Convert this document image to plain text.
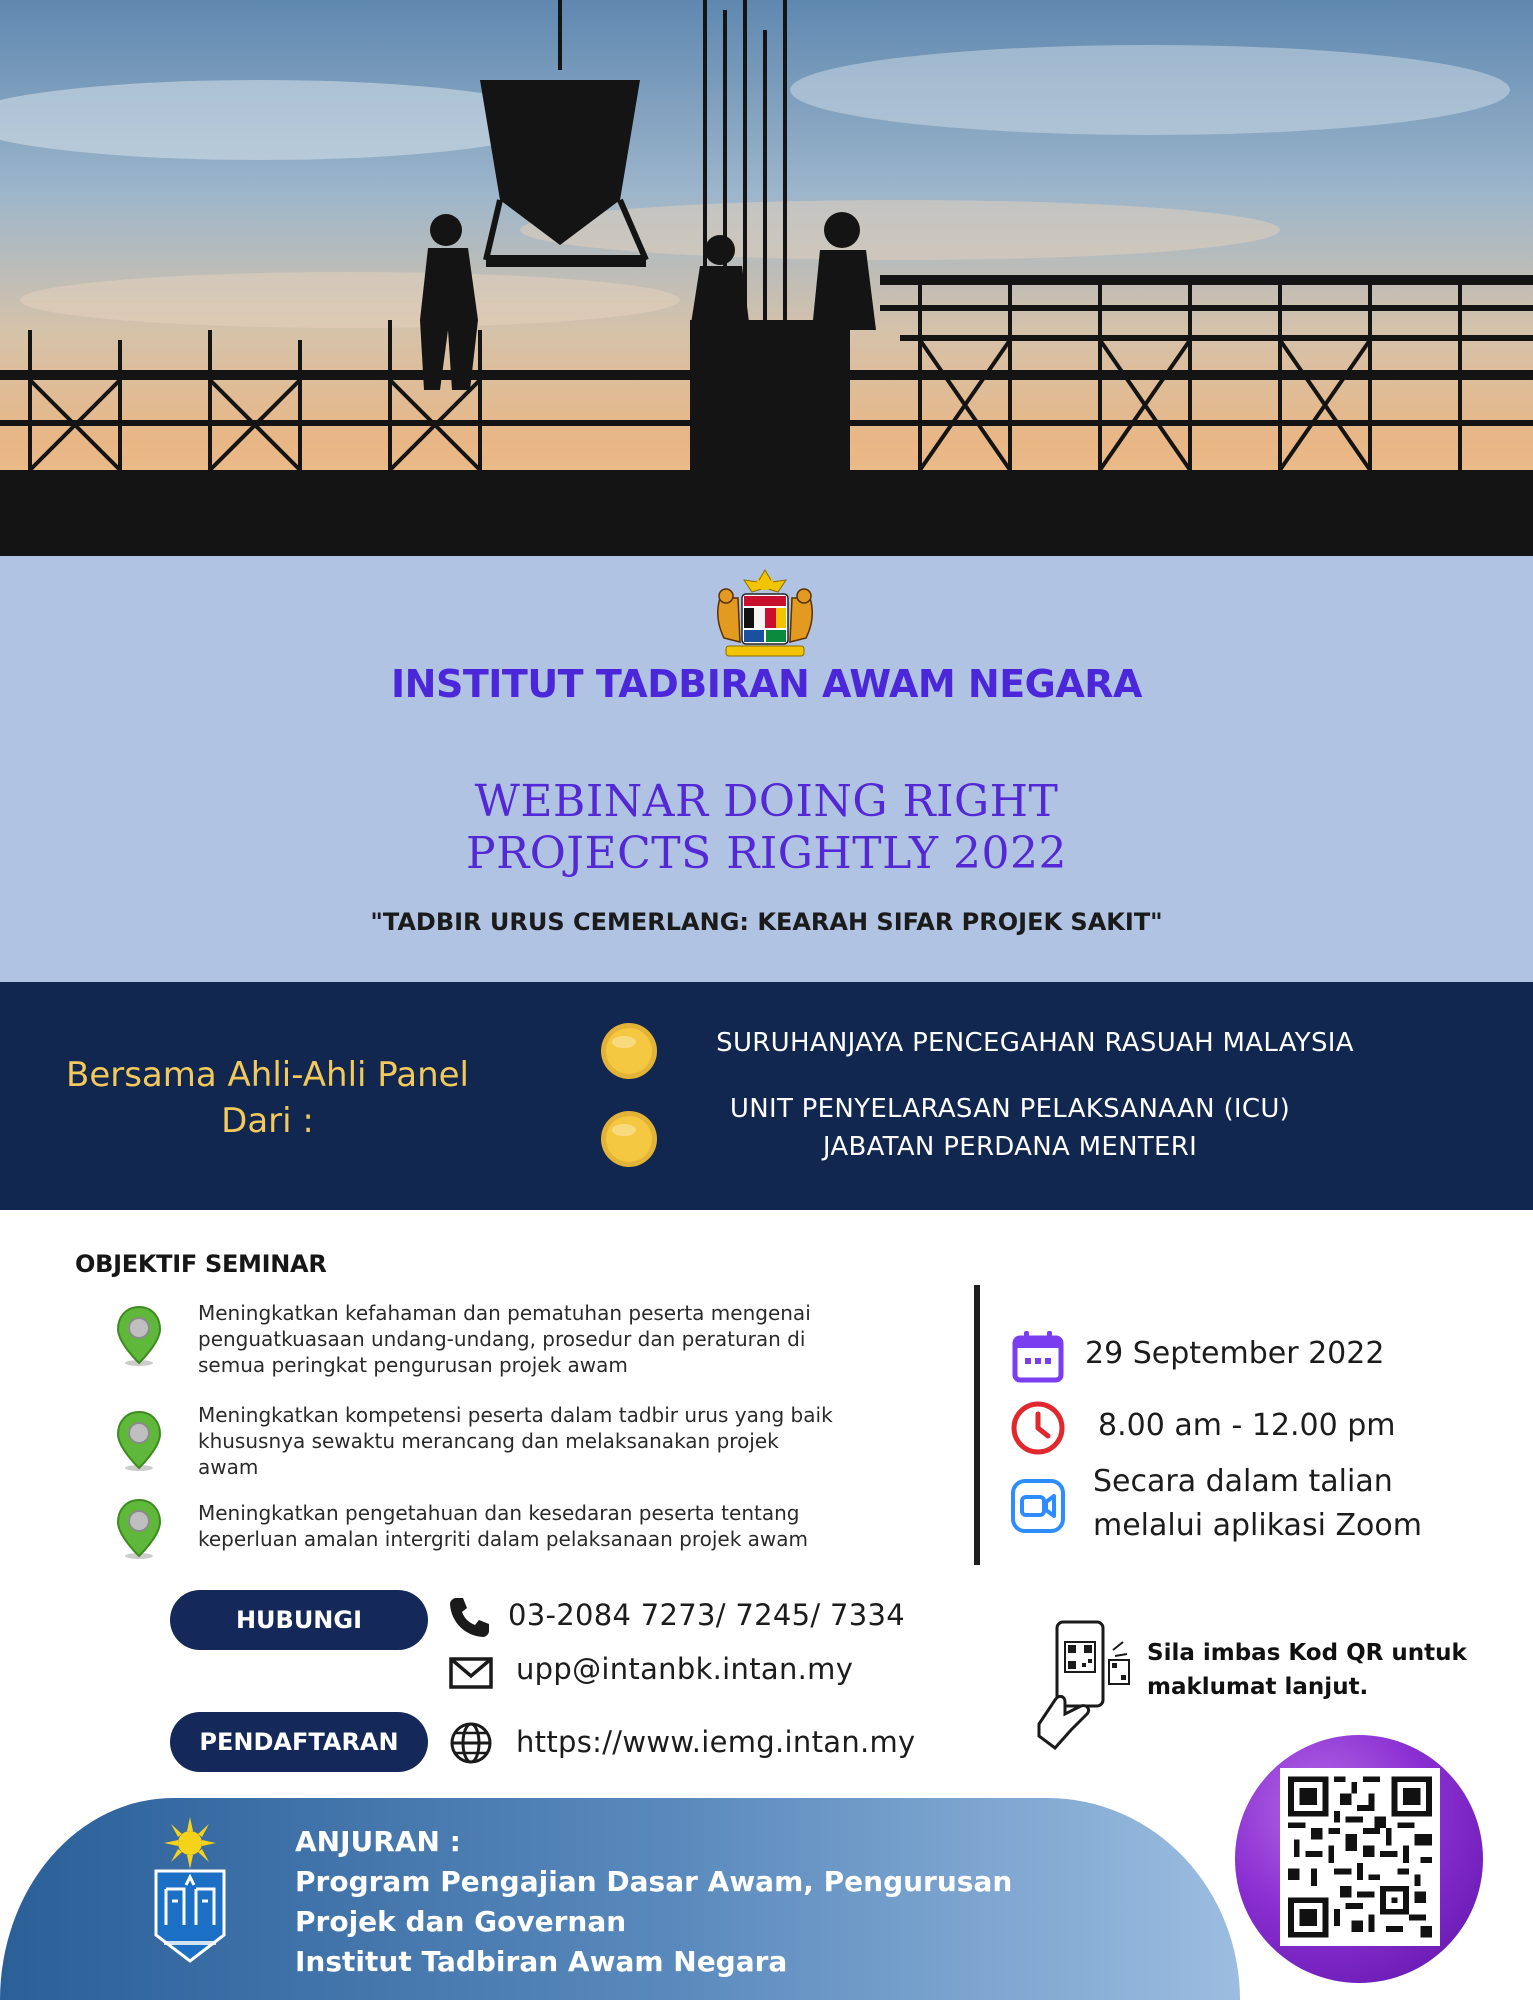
INSTITUT TADBIRAN AWAM NEGARA
WEBINAR DOING RIGHT
PROJECTS RIGHTLY 2022
"TADBIR URUS CEMERLANG: KEARAH SIFAR PROJEK SAKIT"
Bersama Ahli-Ahli Panel
Dari :
SURUHANJAYA PENCEGAHAN RASUAH MALAYSIA
UNIT PENYELARASAN PELAKSANAAN (ICU)
JABATAN PERDANA MENTERI
OBJEKTIF SEMINAR
Meningkatkan kefahaman dan pematuhan peserta mengenai
penguatkuasaan undang-undang, prosedur dan peraturan di
semua peringkat pengurusan projek awam
Meningkatkan kompetensi peserta dalam tadbir urus yang baik
khususnya sewaktu merancang dan melaksanakan projek
awam
Meningkatkan pengetahuan dan kesedaran peserta tentang
keperluan amalan intergriti dalam pelaksanaan projek awam
29 September 2022
8.00 am - 12.00 pm
Secara dalam talian
melalui aplikasi Zoom
HUBUNGI	03-2084 7273/ 7245/ 7334
upp@intanbk.intan.my
PENDAFTARAN	https://www.iemg.intan.my
Sila imbas Kod QR untuk
maklumat lanjut.
ANJURAN :
Program Pengajian Dasar Awam, Pengurusan
Projek dan Governan
Institut Tadbiran Awam Negara
